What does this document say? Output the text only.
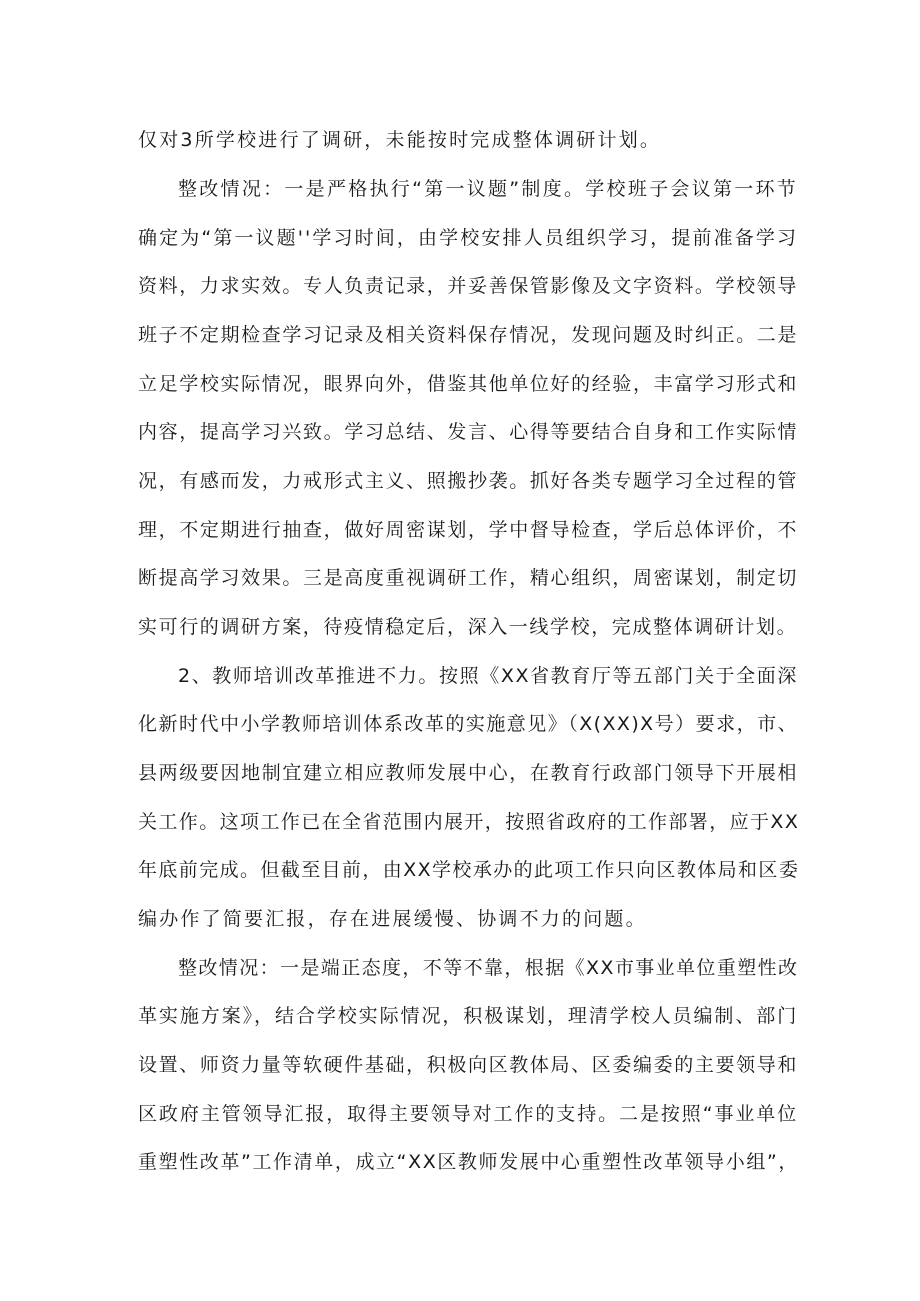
仅对3所学校进行了调研，未能按时完成整体调研计划。
整改情况：一是严格执行“第一议题”制度。学校班子会议第一环节
确定为“第一议题''学习时间，由学校安排人员组织学习，提前准备学习
资料，力求实效。专人负责记录，并妥善保管影像及文字资料。学校领导
班子不定期检查学习记录及相关资料保存情况，发现问题及时纠正。二是
立足学校实际情况，眼界向外，借鉴其他单位好的经验，丰富学习形式和
内容，提高学习兴致。学习总结、发言、心得等要结合自身和工作实际情
况，有感而发，力戒形式主义、照搬抄袭。抓好各类专题学习全过程的管
理，不定期进行抽查，做好周密谋划，学中督导检查，学后总体评价，不
断提高学习效果。三是高度重视调研工作，精心组织，周密谋划，制定切
实可行的调研方案，待疫情稳定后，深入一线学校，完成整体调研计划。
2、教师培训改革推进不力。按照《XX省教育厅等五部门关于全面深
化新时代中小学教师培训体系改革的实施意见》（X(XX)X号）要求，市、
县两级要因地制宜建立相应教师发展中心，在教育行政部门领导下开展相
关工作。这项工作已在全省范围内展开，按照省政府的工作部署，应于XX
年底前完成。但截至目前，由XX学校承办的此项工作只向区教体局和区委
编办作了简要汇报，存在进展缓慢、协调不力的问题。
整改情况：一是端正态度，不等不靠，根据《XX市事业单位重塑性改
革实施方案》，结合学校实际情况，积极谋划，理清学校人员编制、部门
设置、师资力量等软硬件基础，积极向区教体局、区委编委的主要领导和
区政府主管领导汇报，取得主要领导对工作的支持。二是按照“事业单位
重塑性改革”工作清单，成立“XX区教师发展中心重塑性改革领导小组”，
